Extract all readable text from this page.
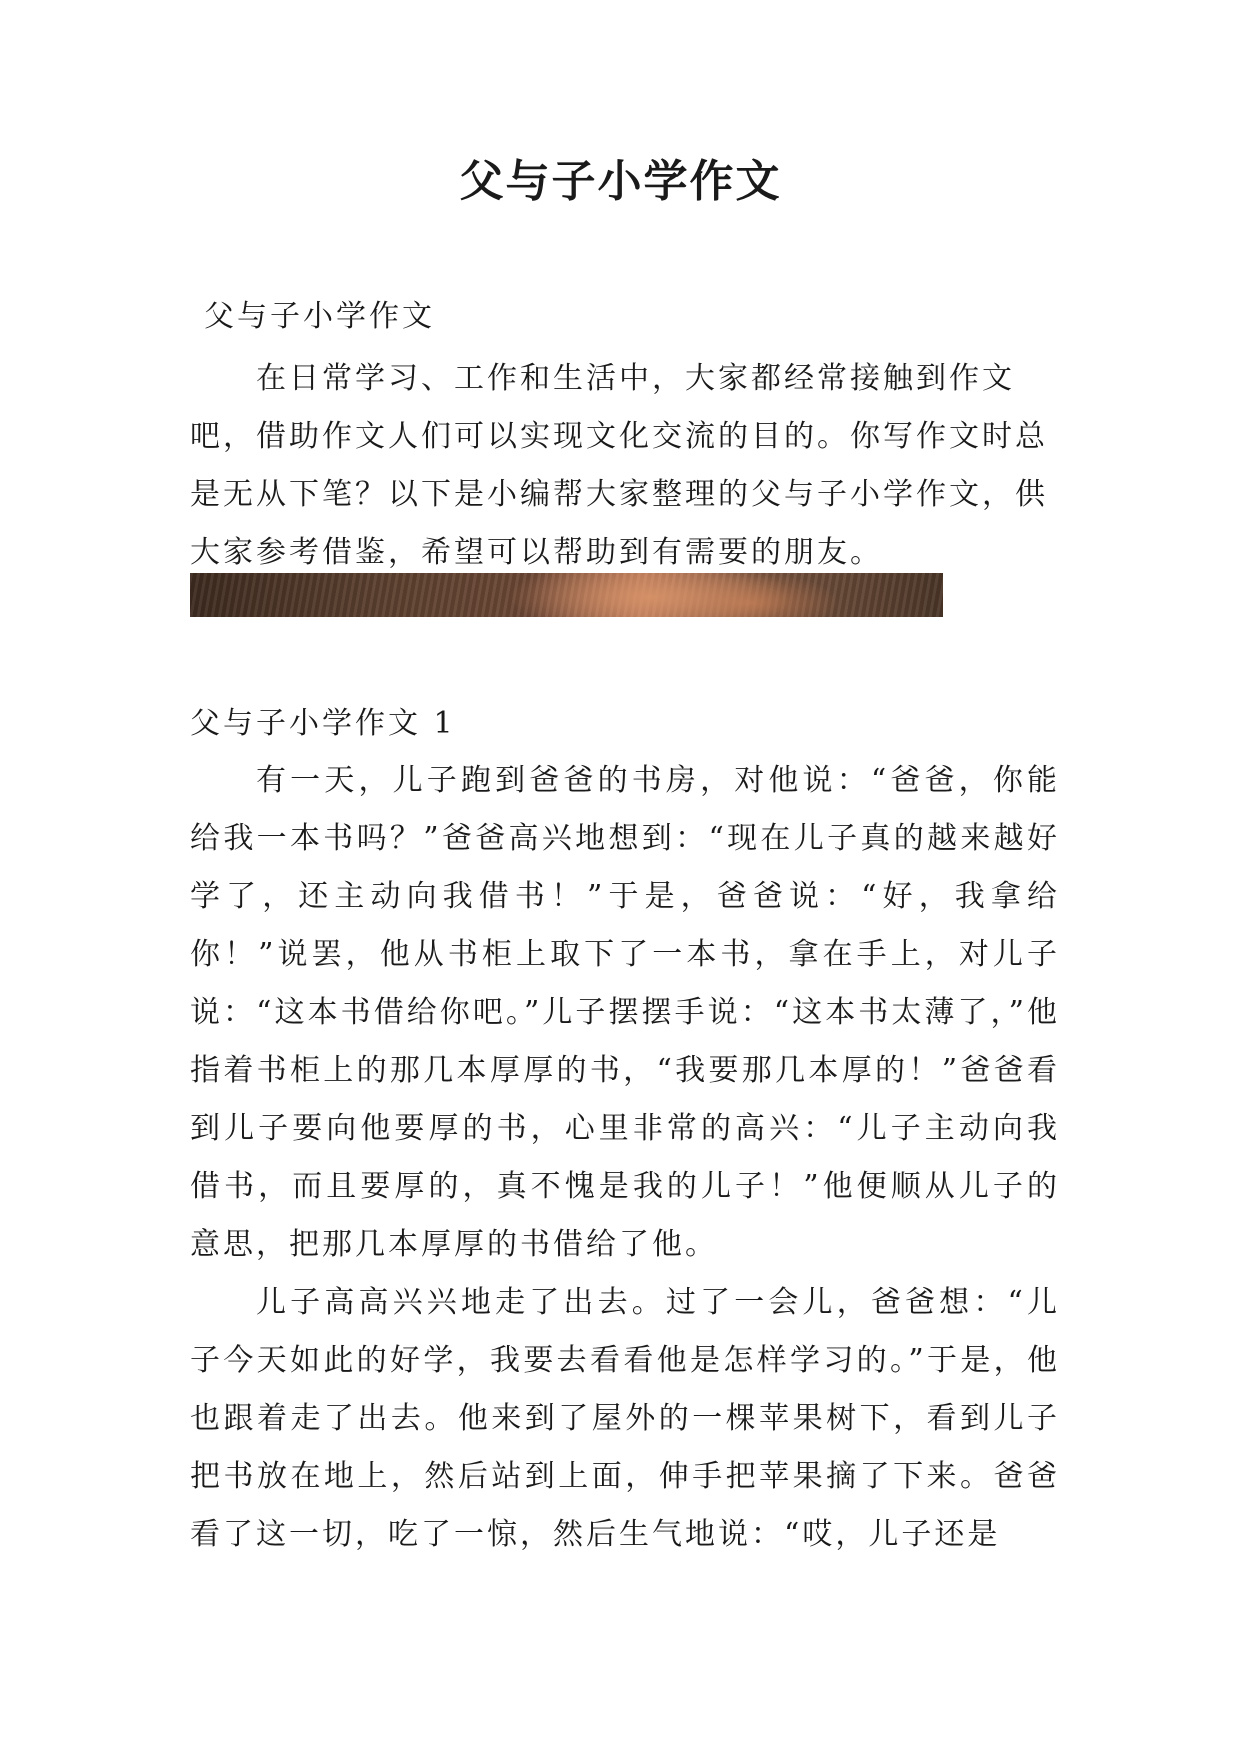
父与子小学作文

父与子小学作文

在日常学习、工作和生活中，大家都经常接触到作文吧，借助作文人们可以实现文化交流的目的。你写作文时总是无从下笔？以下是小编帮大家整理的父与子小学作文，供大家参考借鉴，希望可以帮助到有需要的朋友。

父与子小学作文 1

有一天，儿子跑到爸爸的书房，对他说：“爸爸，你能给我一本书吗？”爸爸高兴地想到：“现在儿子真的越来越好学了，还主动向我借书！”于是，爸爸说：“好，我拿给你！”说罢，他从书柜上取下了一本书，拿在手上，对儿子说：“这本书借给你吧。”儿子摆摆手说：“这本书太薄了，”他指着书柜上的那几本厚厚的书，“我要那几本厚的！”爸爸看到儿子要向他要厚的书，心里非常的高兴：“儿子主动向我借书，而且要厚的，真不愧是我的儿子！”他便顺从儿子的意思，把那几本厚厚的书借给了他。

儿子高高兴兴地走了出去。过了一会儿，爸爸想：“儿子今天如此的好学，我要去看看他是怎样学习的。”于是，他也跟着走了出去。他来到了屋外的一棵苹果树下，看到儿子把书放在地上，然后站到上面，伸手把苹果摘了下来。爸爸看了这一切，吃了一惊，然后生气地说：“哎，儿子还是
